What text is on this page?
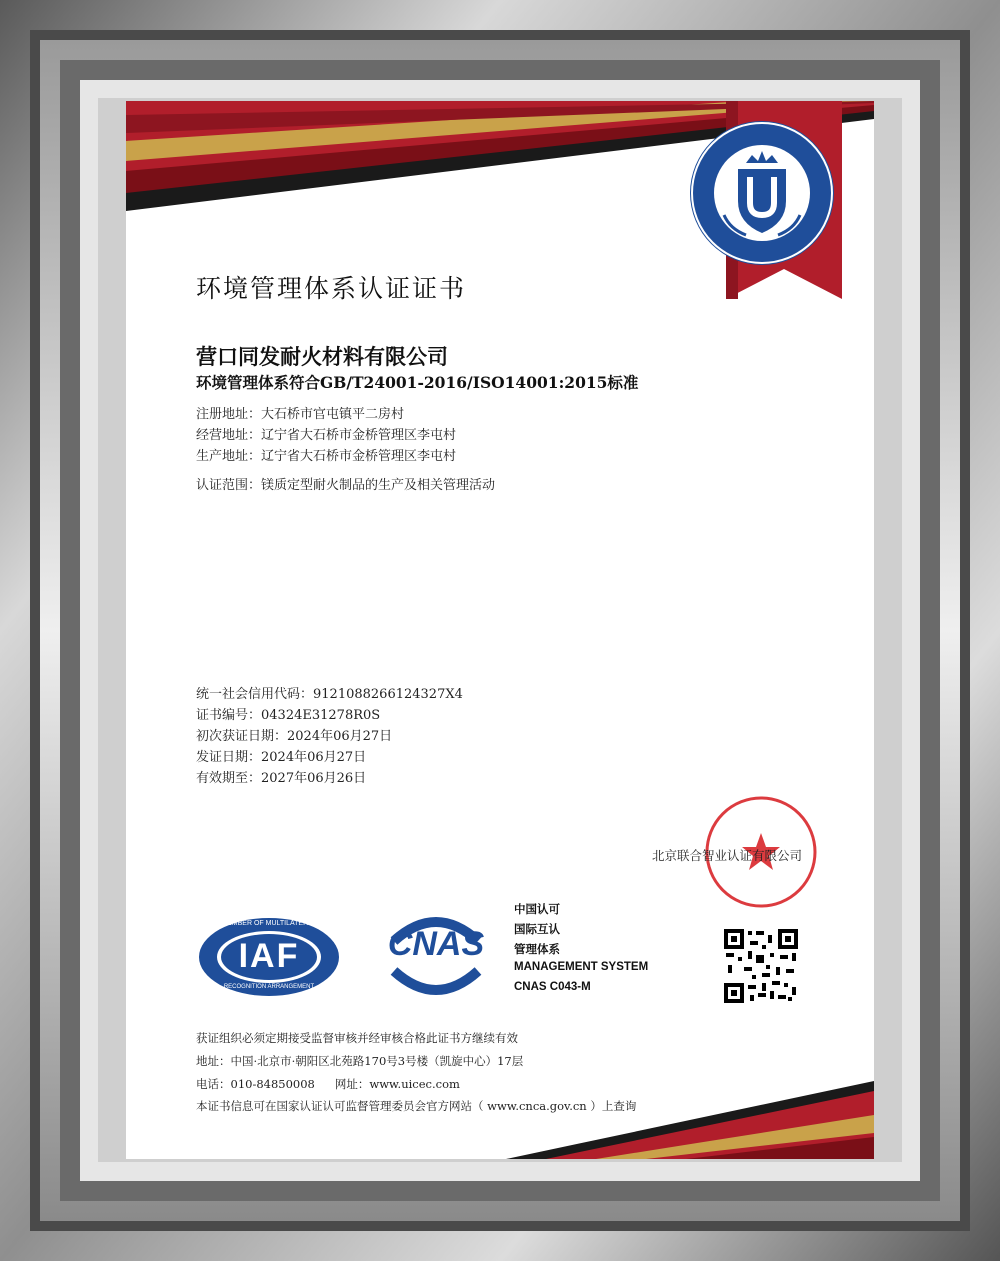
环境管理体系认证证书
营口同发耐火材料有限公司
环境管理体系符合GB/T24001-2016/ISO14001:2015标准
注册地址：大石桥市官屯镇平二房村
经营地址：辽宁省大石桥市金桥管理区李屯村
生产地址：辽宁省大石桥市金桥管理区李屯村
认证范围：镁质定型耐火制品的生产及相关管理活动
统一社会信用代码：9121088266124327X4
证书编号：04324E31278R0S
初次获证日期：2024年06月27日
发证日期：2024年06月27日
有效期至：2027年06月26日
北京联合智业认证有限公司
IAF
MEMBER OF MULTILATERAL
RECOGNITION ARRANGEMENT
CNAS
中国认可
国际互认
管理体系
MANAGEMENT SYSTEM
CNAS C043-M
获证组织必须定期接受监督审核并经审核合格此证书方继续有效
地址：中国·北京市·朝阳区北苑路170号3号楼（凯旋中心）17层
电话：010-84850008 网址：www.uicec.com
本证书信息可在国家认证认可监督管理委员会官方网站（ www.cnca.gov.cn ）上查询
